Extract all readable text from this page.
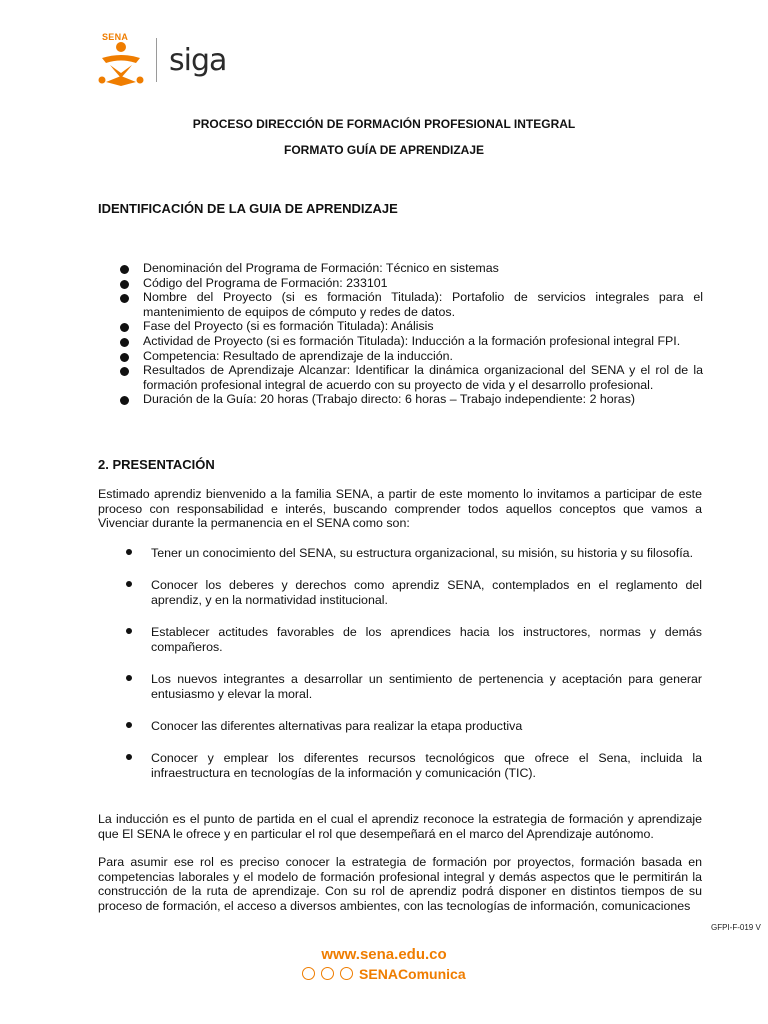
SENA
siga
PROCESO DIRECCIÓN DE FORMACIÓN PROFESIONAL INTEGRAL
FORMATO GUÍA DE APRENDIZAJE
IDENTIFICACIÓN DE LA GUIA DE APRENDIZAJE
Denominación del Programa de Formación: Técnico en sistemas
Código del Programa de Formación: 233101
Nombre del Proyecto (si es formación Titulada): Portafolio de servicios integrales para el mantenimiento de equipos de cómputo y redes de datos.
Fase del Proyecto (si es formación Titulada): Análisis
Actividad de Proyecto (si es formación Titulada): Inducción a la formación profesional integral FPI.
Competencia: Resultado de aprendizaje de la inducción.
Resultados de Aprendizaje Alcanzar: Identificar la dinámica organizacional del SENA y el rol de la formación profesional integral de acuerdo con su proyecto de vida y el desarrollo profesional.
Duración de la Guía: 20 horas (Trabajo directo: 6 horas – Trabajo independiente: 2 horas)
2. PRESENTACIÓN

Estimado aprendiz bienvenido a la familia SENA, a partir de este momento lo invitamos a participar de este proceso con responsabilidad e interés, buscando comprender todos aquellos conceptos que vamos a Vivenciar durante la permanencia en el SENA como son:

Tener un conocimiento del SENA, su estructura organizacional, su misión, su historia y su filosofía.
Conocer los deberes y derechos como aprendiz SENA, contemplados en el reglamento del aprendiz, y en la normatividad institucional.
Establecer actitudes favorables de los aprendices hacia los instructores, normas y demás compañeros.
Los nuevos integrantes a desarrollar un sentimiento de pertenencia y aceptación para generar entusiasmo y elevar la moral.
Conocer las diferentes alternativas para realizar la etapa productiva
Conocer y emplear los diferentes recursos tecnológicos que ofrece el Sena, incluida la infraestructura en tecnologías de la información y comunicación (TIC).

La inducción es el punto de partida en el cual el aprendiz reconoce la estrategia de formación y aprendizaje que El SENA le ofrece y en particular el rol que desempeñará en el marco del Aprendizaje autónomo.

Para asumir ese rol es preciso conocer la estrategia de formación por proyectos, formación basada en competencias laborales y el modelo de formación profesional integral y demás aspectos que le permitirán la construcción de la ruta de aprendizaje. Con su rol de aprendiz podrá disponer en distintos tiempos de su proceso de formación, el acceso a diversos ambientes, con las tecnologías de información, comunicaciones

GFPI-F-019 V
www.sena.edu.co
SENAComunica
